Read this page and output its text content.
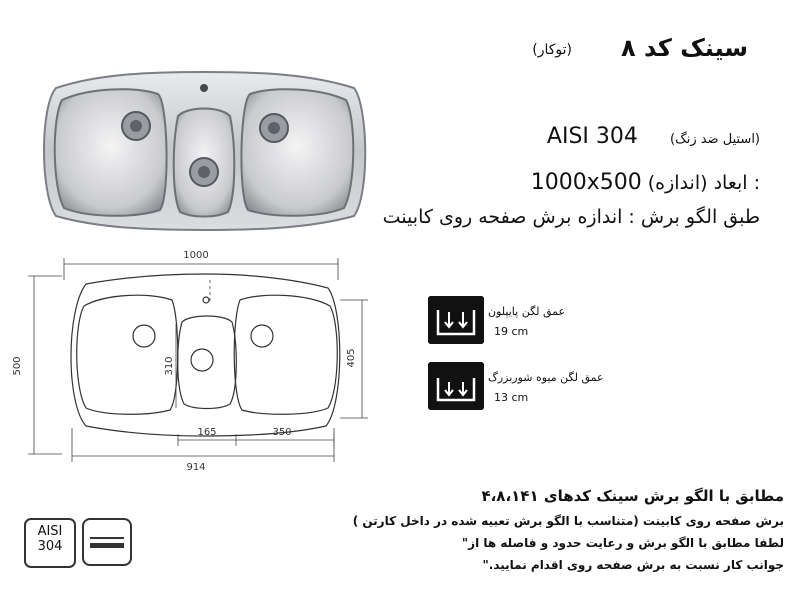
سینک کد ۸
(توکار)
AISI 304 (استیل ضد زنگ)
1000x500 : ابعاد (اندازه)
طبق الگو برش : اندازه برش صفحه روی کابینت
1000
500	405
310
165	350
914
عمق لگن پایپلون
19 cm
عمق لگن میوه شوربزرگ
13 cm
مطابق با الگو برش سینک کدهای ۴،۸،۱۴۱
برش صفحه روی کابینت (متناسب با الگو برش تعبیه شده در داخل کارتن )
لطفا مطابق با الگو برش و رعایت حدود و فاصله ها از"
جوانب کار نسبت به برش صفحه روی اقدام نمایید."
AISI
304
